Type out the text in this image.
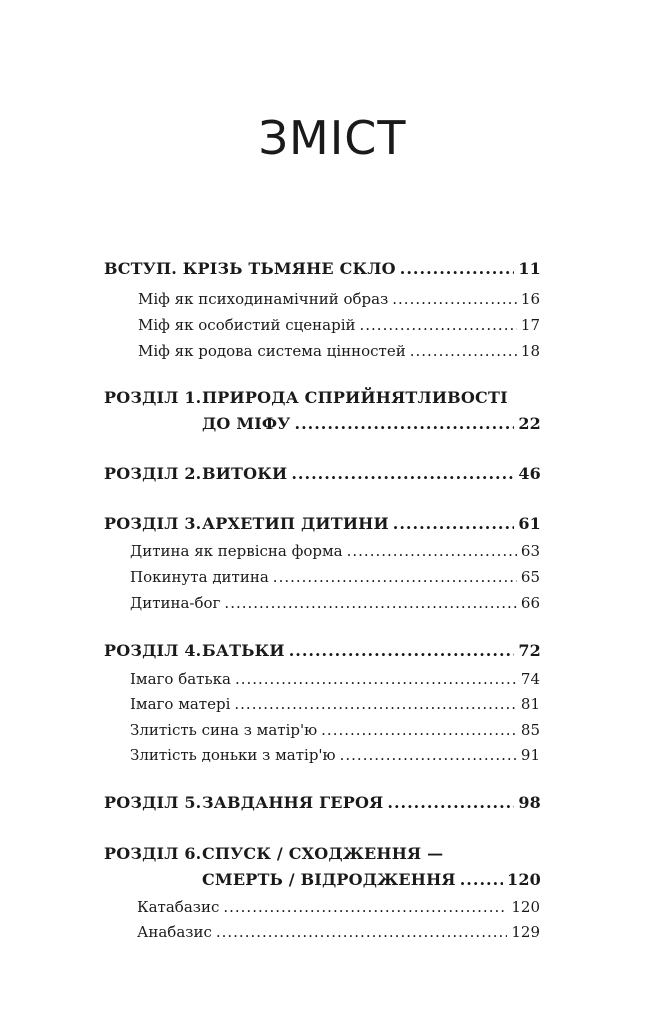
ЗМІСТ
ВСТУП. КРІЗЬ ТЬМЯНЕ СКЛО .....	11
Міф як психодинамічний образ .....	16
Міф як особистий сценарій .....	17
Міф як родова система цінностей .....	18
РОЗДІЛ 1.ПРИРОДА СПРИЙНЯТЛИВОСТІ
ДО МІФУ .....	22
РОЗДІЛ 2.ВИТОКИ .....	46
РОЗДІЛ 3.АРХЕТИП ДИТИНИ .....	61
Дитина як первісна форма .....	63
Покинута дитина .....	65
Дитина-бог .....	66
РОЗДІЛ 4.БАТЬКИ .....	72
Імаго батька .....	74
Імаго матері .....	81
Злитість сина з матір'ю .....	85
Злитість доньки з матір'ю .....	91
РОЗДІЛ 5.ЗАВДАННЯ ГЕРОЯ .....	98
РОЗДІЛ 6.СПУСК / СХОДЖЕННЯ —
СМЕРТЬ / ВІДРОДЖЕННЯ .....	120
Катабазис .....	120
Анабазис .....	129
